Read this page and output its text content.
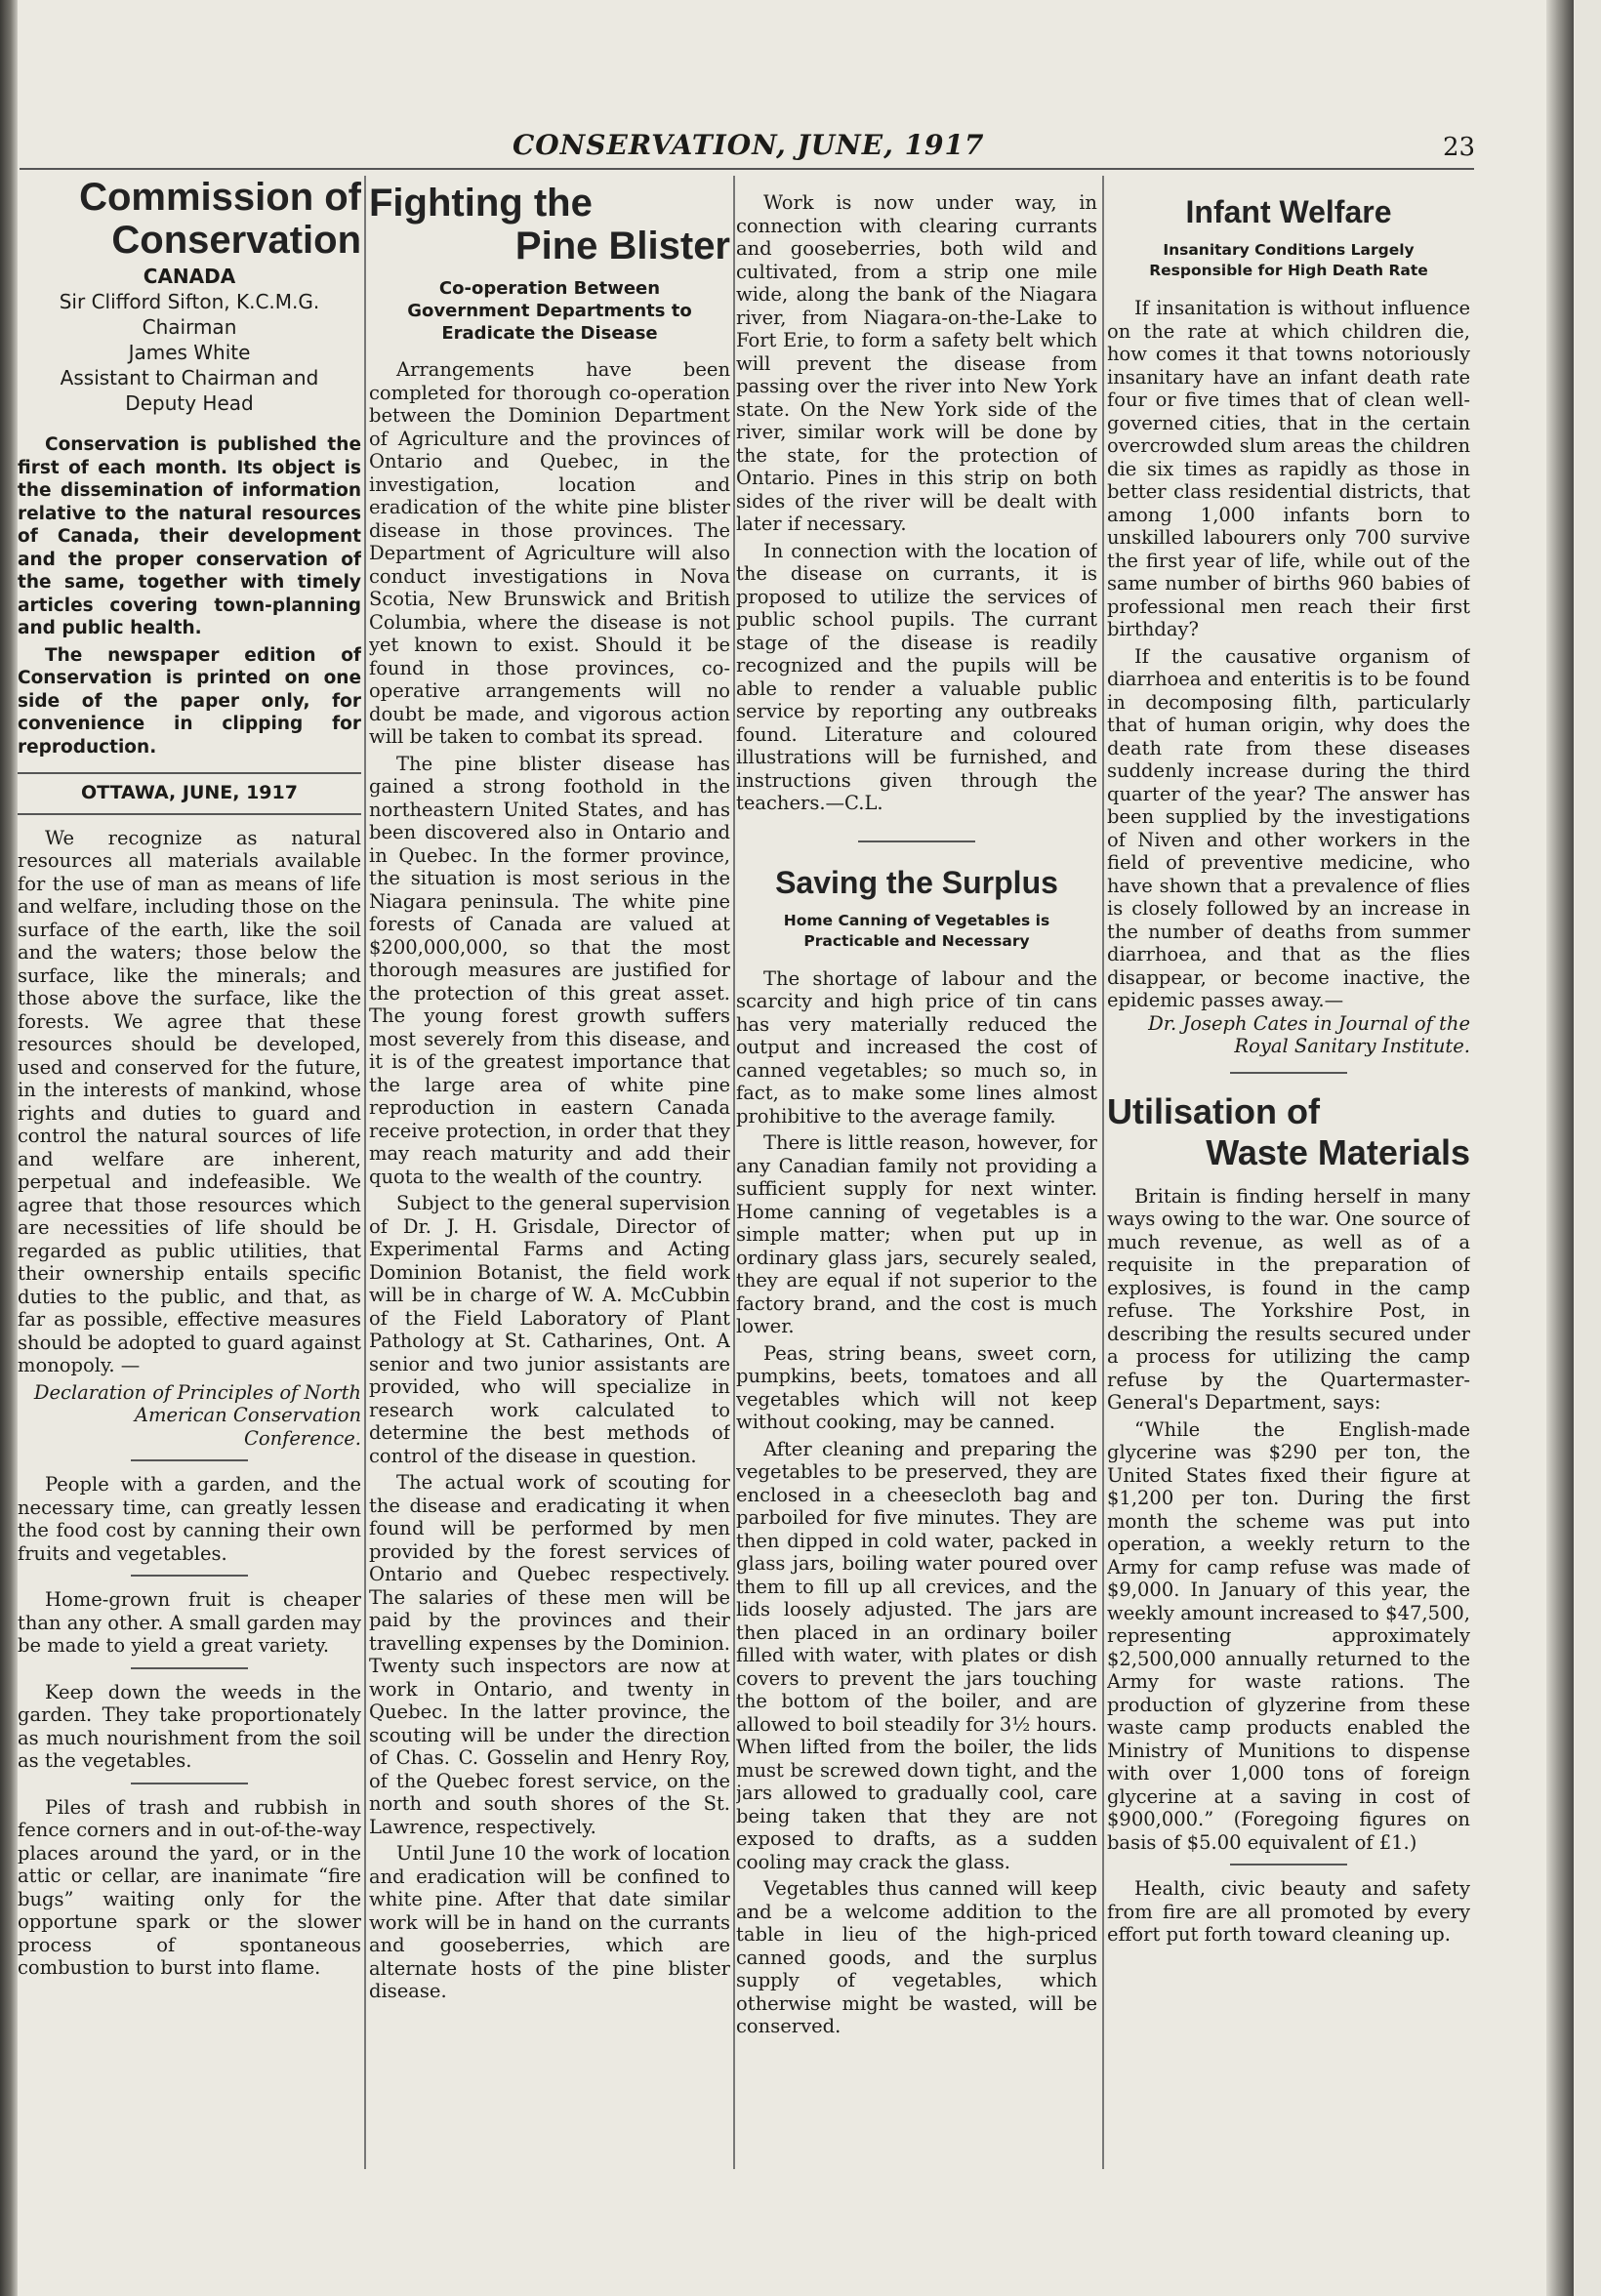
CONSERVATION, JUNE, 1917	23
Commission of
Conservation
CANADA
Sir Clifford Sifton, K.C.M.G.
Chairman
James White
Assistant to Chairman and
Deputy Head

Conservation is published the first of each month. Its object is the dissemination of information relative to the natural resources of Canada, their development and the proper conservation of the same, together with timely articles covering town-planning and public health.

The newspaper edition of Conservation is printed on one side of the paper only, for convenience in clipping for reproduction.

OTTAWA, JUNE, 1917

We recognize as natural resources all materials available for the use of man as means of life and welfare, including those on the surface of the earth, like the soil and the waters; those below the surface, like the minerals; and those above the surface, like the forests. We agree that these resources should be developed, used and conserved for the future, in the interests of mankind, whose rights and duties to guard and control the natural sources of life and welfare are inherent, perpetual and indefeasible. We agree that those resources which are necessities of life should be regarded as public utilities, that their ownership entails specific duties to the public, and that, as far as possible, effective measures should be adopted to guard against monopoly. —

Declaration of Principles of North American Conservation Conference.

People with a garden, and the necessary time, can greatly lessen the food cost by canning their own fruits and vegetables.

Home-grown fruit is cheaper than any other. A small garden may be made to yield a great variety.

Keep down the weeds in the garden. They take proportionately as much nourishment from the soil as the vegetables.

Piles of trash and rubbish in fence corners and in out-of-the-way places around the yard, or in the attic or cellar, are inanimate “fire bugs” waiting only for the opportune spark or the slower process of spontaneous combustion to burst into flame.

Fighting the
Pine Blister
Co-operation Between Government Departments to Eradicate the Disease

Arrangements have been completed for thorough co-operation between the Dominion Department of Agriculture and the provinces of Ontario and Quebec, in the investigation, location and eradication of the white pine blister disease in those provinces. The Department of Agriculture will also conduct investigations in Nova Scotia, New Brunswick and British Columbia, where the disease is not yet known to exist. Should it be found in those provinces, co-operative arrangements will no doubt be made, and vigorous action will be taken to combat its spread.

The pine blister disease has gained a strong foothold in the northeastern United States, and has been discovered also in Ontario and in Quebec. In the former province, the situation is most serious in the Niagara peninsula. The white pine forests of Canada are valued at $200,000,000, so that the most thorough measures are justified for the protection of this great asset. The young forest growth suffers most severely from this disease, and it is of the greatest importance that the large area of white pine reproduction in eastern Canada receive protection, in order that they may reach maturity and add their quota to the wealth of the country.

Subject to the general supervision of Dr. J. H. Grisdale, Director of Experimental Farms and Acting Dominion Botanist, the field work will be in charge of W. A. McCubbin of the Field Laboratory of Plant Pathology at St. Catharines, Ont. A senior and two junior assistants are provided, who will specialize in research work calculated to determine the best methods of control of the disease in question.

The actual work of scouting for the disease and eradicating it when found will be performed by men provided by the forest services of Ontario and Quebec respectively. The salaries of these men will be paid by the provinces and their travelling expenses by the Dominion. Twenty such inspectors are now at work in Ontario, and twenty in Quebec. In the latter province, the scouting will be under the direction of Chas. C. Gosselin and Henry Roy, of the Quebec forest service, on the north and south shores of the St. Lawrence, respectively.

Until June 10 the work of location and eradication will be confined to white pine. After that date similar work will be in hand on the currants and gooseberries, which are alternate hosts of the pine blister disease.

Work is now under way, in connection with clearing currants and gooseberries, both wild and cultivated, from a strip one mile wide, along the bank of the Niagara river, from Niagara-on-the-Lake to Fort Erie, to form a safety belt which will prevent the disease from passing over the river into New York state. On the New York side of the river, similar work will be done by the state, for the protection of Ontario. Pines in this strip on both sides of the river will be dealt with later if necessary.

In connection with the location of the disease on currants, it is proposed to utilize the services of public school pupils. The currant stage of the disease is readily recognized and the pupils will be able to render a valuable public service by reporting any outbreaks found. Literature and coloured illustrations will be furnished, and instructions given through the teachers.—C.L.

Saving the Surplus
Home Canning of Vegetables is Practicable and Necessary

The shortage of labour and the scarcity and high price of tin cans has very materially reduced the output and increased the cost of canned vegetables; so much so, in fact, as to make some lines almost prohibitive to the average family.

There is little reason, however, for any Canadian family not providing a sufficient supply for next winter. Home canning of vegetables is a simple matter; when put up in ordinary glass jars, securely sealed, they are equal if not superior to the factory brand, and the cost is much lower.

Peas, string beans, sweet corn, pumpkins, beets, tomatoes and all vegetables which will not keep without cooking, may be canned.

After cleaning and preparing the vegetables to be preserved, they are enclosed in a cheesecloth bag and parboiled for five minutes. They are then dipped in cold water, packed in glass jars, boiling water poured over them to fill up all crevices, and the lids loosely adjusted. The jars are then placed in an ordinary boiler filled with water, with plates or dish covers to prevent the jars touching the bottom of the boiler, and are allowed to boil steadily for 3½ hours. When lifted from the boiler, the lids must be screwed down tight, and the jars allowed to gradually cool, care being taken that they are not exposed to drafts, as a sudden cooling may crack the glass.

Vegetables thus canned will keep and be a welcome addition to the table in lieu of the high-priced canned goods, and the surplus supply of vegetables, which otherwise might be wasted, will be conserved.

Infant Welfare
Insanitary Conditions Largely Responsible for High Death Rate

If insanitation is without influence on the rate at which children die, how comes it that towns notoriously insanitary have an infant death rate four or five times that of clean well-governed cities, that in the certain overcrowded slum areas the children die six times as rapidly as those in better class residential districts, that among 1,000 infants born to unskilled labourers only 700 survive the first year of life, while out of the same number of births 960 babies of professional men reach their first birthday?

If the causative organism of diarrhoea and enteritis is to be found in decomposing filth, particularly that of human origin, why does the death rate from these diseases suddenly increase during the third quarter of the year? The answer has been supplied by the investigations of Niven and other workers in the field of preventive medicine, who have shown that a prevalence of flies is closely followed by an increase in the number of deaths from summer diarrhoea, and that as the flies disappear, or become inactive, the epidemic passes away.—

Dr. Joseph Cates in Journal of the Royal Sanitary Institute.

Utilisation of
Waste Materials

Britain is finding herself in many ways owing to the war. One source of much revenue, as well as of a requisite in the preparation of explosives, is found in the camp refuse. The Yorkshire Post, in describing the results secured under a process for utilizing the camp refuse by the Quartermaster-General's Department, says:

“While the English-made glycerine was $290 per ton, the United States fixed their figure at $1,200 per ton. During the first month the scheme was put into operation, a weekly return to the Army for camp refuse was made of $9,000. In January of this year, the weekly amount increased to $47,500, representing approximately $2,500,000 annually returned to the Army for waste rations. The production of glyzerine from these waste camp products enabled the Ministry of Munitions to dispense with over 1,000 tons of foreign glycerine at a saving in cost of $900,000.” (Foregoing figures on basis of $5.00 equivalent of £1.)

Health, civic beauty and safety from fire are all promoted by every effort put forth toward cleaning up.
